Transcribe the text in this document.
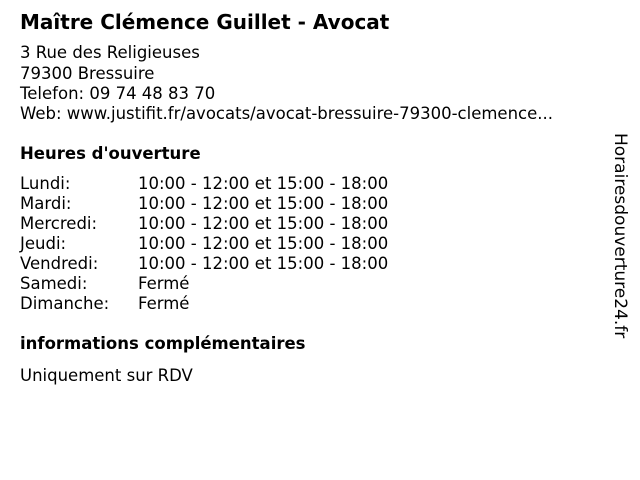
Maître Clémence Guillet - Avocat
3 Rue des Religieuses
79300 Bressuire
Telefon: 09 74 48 83 70
Web: www.justifit.fr/avocats/avocat-bressuire-79300-clemence...
Heures d'ouverture
Lundi:	10:00 - 12:00 et 15:00 - 18:00
Mardi:	10:00 - 12:00 et 15:00 - 18:00
Mercredi: 10:00 - 12:00 et 15:00 - 18:00
Jeudi:	10:00 - 12:00 et 15:00 - 18:00
Vendredi: 10:00 - 12:00 et 15:00 - 18:00
Samedi:	Fermé
Dimanche: Fermé
informations complémentaires
Uniquement sur RDV
Horairesdouverture24.fr
